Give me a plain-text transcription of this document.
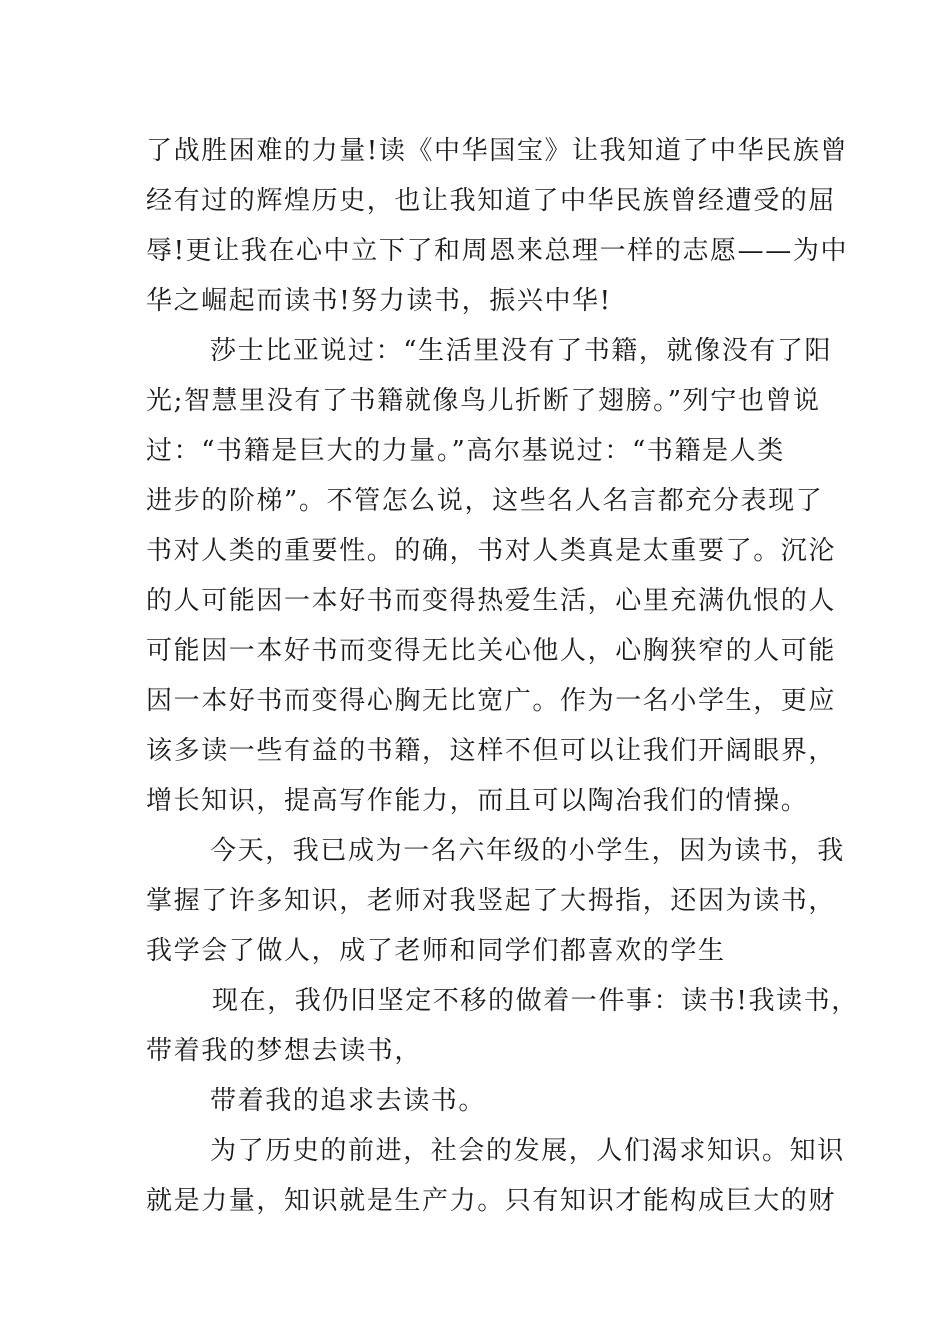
了战胜困难的力量!读《中华国宝》让我知道了中华民族曾
经有过的辉煌历史，也让我知道了中华民族曾经遭受的屈
辱!更让我在心中立下了和周恩来总理一样的志愿——为中
华之崛起而读书!努力读书，振兴中华!
莎士比亚说过：“生活里没有了书籍，就像没有了阳
光;智慧里没有了书籍就像鸟儿折断了翅膀。”列宁也曾说
过：“书籍是巨大的力量。”高尔基说过：“书籍是人类
进步的阶梯”。不管怎么说，这些名人名言都充分表现了
书对人类的重要性。的确，书对人类真是太重要了。沉沦
的人可能因一本好书而变得热爱生活，心里充满仇恨的人
可能因一本好书而变得无比关心他人，心胸狭窄的人可能
因一本好书而变得心胸无比宽广。作为一名小学生，更应
该多读一些有益的书籍，这样不但可以让我们开阔眼界，
增长知识，提高写作能力，而且可以陶冶我们的情操。
今天，我已成为一名六年级的小学生，因为读书，我
掌握了许多知识，老师对我竖起了大拇指，还因为读书，
我学会了做人，成了老师和同学们都喜欢的学生
现在，我仍旧坚定不移的做着一件事：读书!我读书，
带着我的梦想去读书，
带着我的追求去读书。
为了历史的前进，社会的发展，人们渴求知识。知识
就是力量，知识就是生产力。只有知识才能构成巨大的财
